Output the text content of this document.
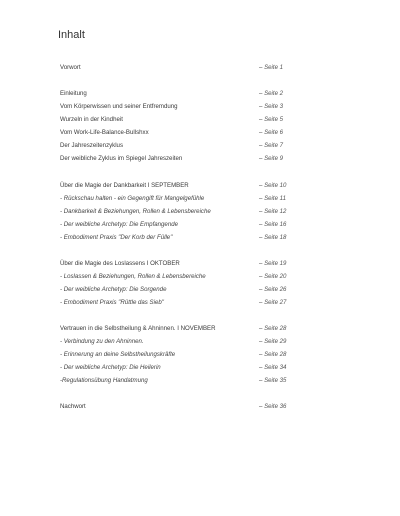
Inhalt
Vorwort	– Seite 1
Einleitung	– Seite 2
Vom Körperwissen und seiner Entfremdung	– Seite 3
Wurzeln in der Kindheit	– Seite 5
Vom Work-Life-Balance-Bullshxx	– Seite 6
Der Jahreszeitenzyklus	– Seite 7
Der weibliche Zyklus im Spiegel Jahreszeiten	– Seite 9
Über die Magie der Dankbarkeit I SEPTEMBER	– Seite 10
- Rückschau halten - ein Gegengift für Mangelgefühle	– Seite 11
- Dankbarkeit & Beziehungen, Rollen & Lebensbereiche	– Seite 12
- Der weibliche Archetyp: Die Empfangende	– Seite 16
- Embodiment Praxis "Der Korb der Fülle"	– Seite 18
Über die Magie des Loslassens I OKTOBER	– Seite 19
- Loslassen & Beziehungen, Rollen & Lebensbereiche	– Seite 20
- Der weibliche Archetyp: Die Sorgende	– Seite 26
- Embodiment Praxis "Rüttle das Sieb"	– Seite 27
Vertrauen in die Selbstheilung & Ahninnen. I NOVEMBER	– Seite 28
- Verbindung zu den Ahninnen.	– Seite 29
- Erinnerung an deine Selbstheilungskräfte	– Seite 28
- Der weibliche Archetyp: Die Heilerin	– Seite 34
-Regulationsübung Handatmung	– Seite 35
Nachwort	– Seite 36
